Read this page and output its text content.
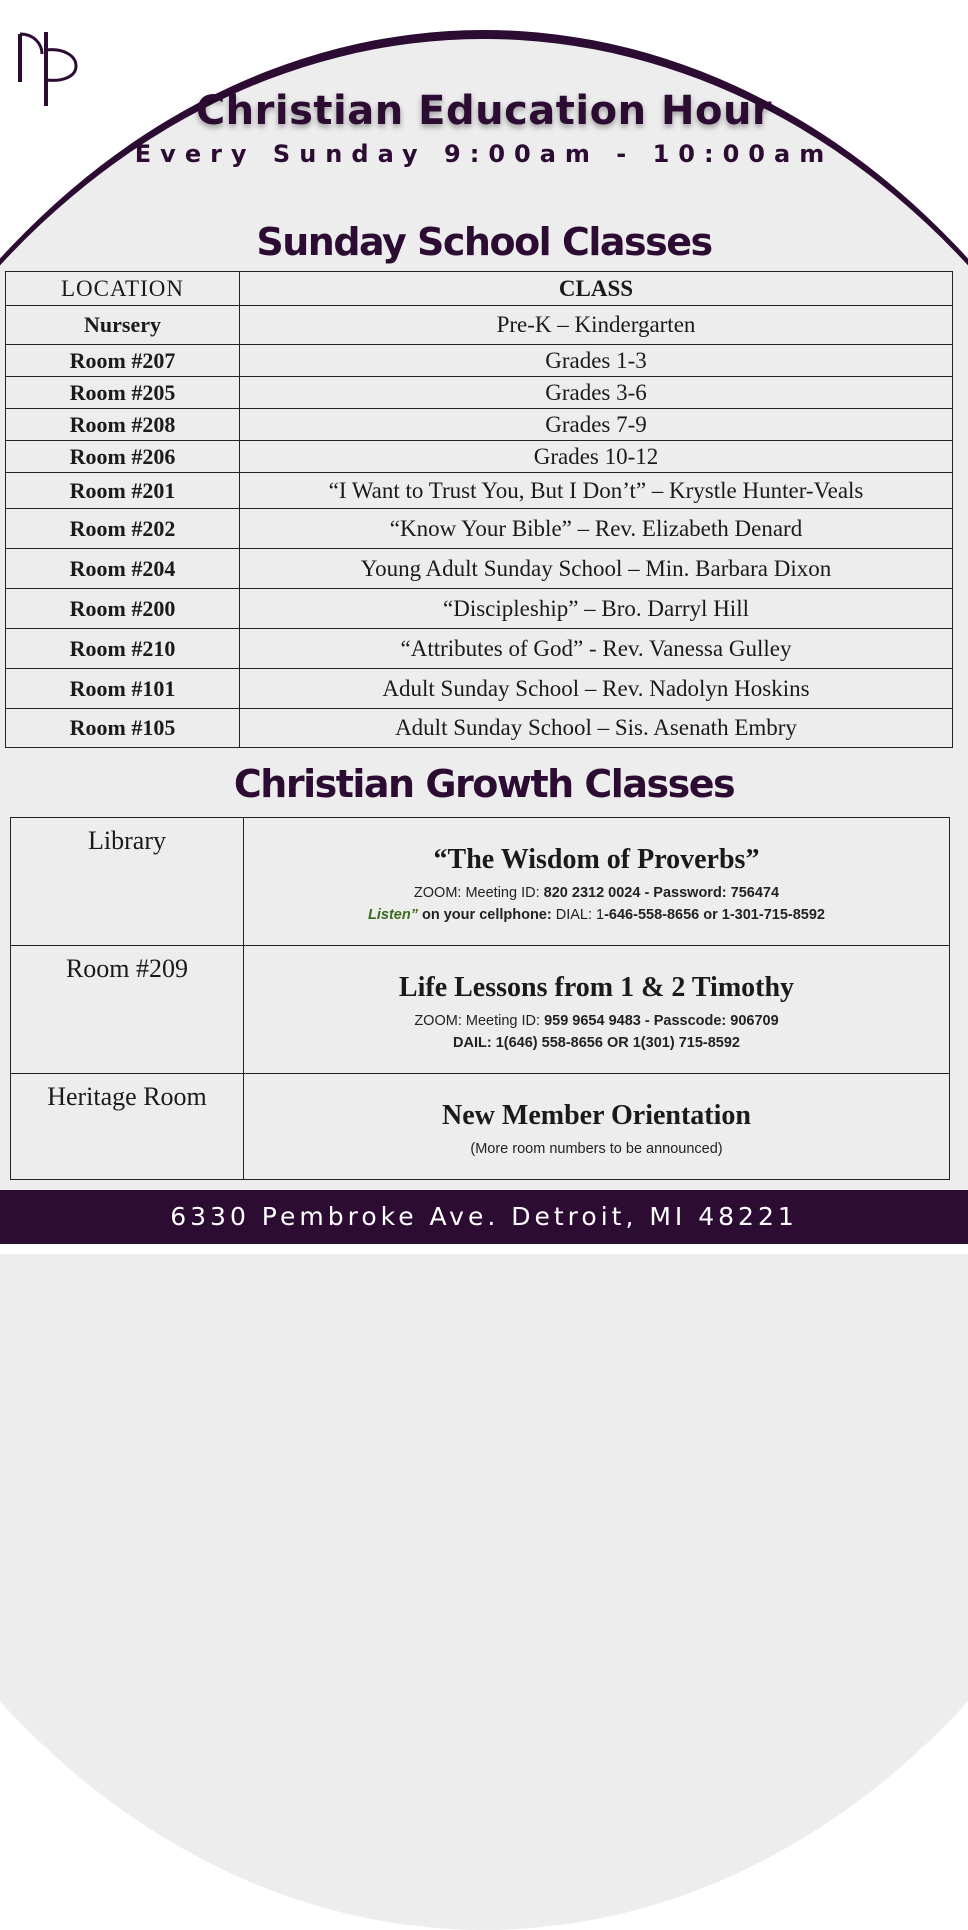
Christian Education Hour
Every Sunday 9:00am - 10:00am
Sunday School Classes
LOCATION	CLASS
Nursery	Pre-K – Kindergarten
Room #207	Grades 1-3
Room #205	Grades 3-6
Room #208	Grades 7-9
Room #206	Grades 10-12
Room #201	“I Want to Trust You, But I Don’t” – Krystle Hunter-Veals
Room #202	“Know Your Bible” – Rev. Elizabeth Denard
Room #204	Young Adult Sunday School – Min. Barbara Dixon
Room #200	“Discipleship” – Bro. Darryl Hill
Room #210	“Attributes of God” - Rev. Vanessa Gulley
Room #101	Adult Sunday School – Rev. Nadolyn Hoskins
Room #105	Adult Sunday School – Sis. Asenath Embry
Christian Growth Classes
Library	“The Wisdom of Proverbs”
ZOOM: Meeting ID: 820 2312 0024 - Password: 756474
Listen” on your cellphone: DIAL: 1-646-558-8656 or 1-301-715-8592

Room #209	Life Lessons from 1 & 2 Timothy
ZOOM: Meeting ID: 959 9654 9483 - Passcode: 906709
DAIL: 1(646) 558-8656 OR 1(301) 715-8592

Heritage Room	New Member Orientation
(More room numbers to be announced)
6330 Pembroke Ave. Detroit, MI 48221
